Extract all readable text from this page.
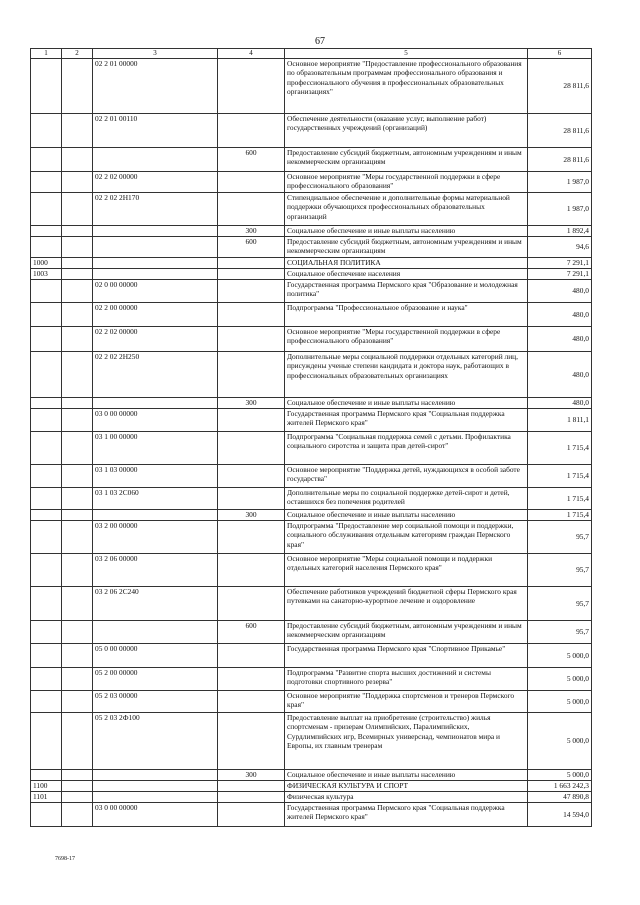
67
1	2	3	4	5	6
		02 2 01 00000		Основное мероприятие "Предоставление профессионального образования по образовательным программам профессионального образования и профессионального обучения в профессиональных образовательных организациях"	28 811,6
		02 2 01 00110		Обеспечение деятельности (оказание услуг, выполнение работ) государственных учреждений (организаций)	28 811,6
			600	Предоставление субсидий бюджетным, автономным учреждениям и иным некоммерческим организациям	28 811,6
		02 2 02 00000		Основное мероприятие "Меры государственной поддержки в сфере профессионального образования"	1 987,0
		02 2 02 2Н170		Стипендиальное обеспечение и дополнительные формы материальной поддержки обучающихся профессиональных образовательных организаций	1 987,0
			300	Социальное обеспечение и иные выплаты населению	1 892,4
			600	Предоставление субсидий бюджетным, автономным учреждениям и иным некоммерческим организациям	94,6
1000				СОЦИАЛЬНАЯ ПОЛИТИКА	7 291,1
1003				Социальное обеспечение населения	7 291,1
		02 0 00 00000		Государственная программа Пермского края "Образование и молодежная политика"	480,0
		02 2 00 00000		Подпрограмма "Профессиональное образование и наука"	480,0
		02 2 02 00000		Основное мероприятие "Меры государственной поддержки в сфере профессионального образования"	480,0
		02 2 02 2Н250		Дополнительные меры социальной поддержки отдельных категорий лиц, присуждены ученые степени кандидата и доктора наук, работающих в профессиональных образовательных организациях	480,0
			300	Социальное обеспечение и иные выплаты населению	480,0
		03 0 00 00000		Государственная программа Пермского края "Социальная поддержка жителей Пермского края"	1 811,1
		03 1 00 00000		Подпрограмма "Социальная поддержка семей с детьми. Профилактика социального сиротства и защита прав детей-сирот"	1 715,4
		03 1 03 00000		Основное мероприятие "Поддержка детей, нуждающихся в особой заботе государства"	1 715,4
		03 1 03 2С060		Дополнительные меры по социальной поддержке детей-сирот и детей, оставшихся без попечения родителей	1 715,4
			300	Социальное обеспечение и иные выплаты населению	1 715,4
		03 2 00 00000		Подпрограмма "Предоставление мер социальной помощи и поддержки, социального обслуживания отдельным категориям граждан Пермского края"	95,7
		03 2 06 00000		Основное мероприятие "Меры социальной помощи и поддержки отдельных категорий населения Пермского края"	95,7
		03 2 06 2С240		Обеспечение работников учреждений бюджетной сферы Пермского края путевками на санаторно-курортное лечение и оздоровление	95,7
			600	Предоставление субсидий бюджетным, автономным учреждениям и иным некоммерческим организациям	95,7
		05 0 00 00000		Государственная программа Пермского края "Спортивное Прикамье"	5 000,0
		05 2 00 00000		Подпрограмма "Развитие спорта высших достижений и системы подготовки спортивного резерва"	5 000,0
		05 2 03 00000		Основное мероприятие "Поддержка спортсменов и тренеров Пермского края"	5 000,0
		05 2 03 2Ф100		Предоставление выплат на приобретение (строительство) жилья спортсменам - призерам Олимпийских, Паралимпийских, Сурдлимпийских игр, Всемирных универсиад, чемпионатов мира и Европы, их главным тренерам	5 000,0
			300	Социальное обеспечение и иные выплаты населению	5 000,0
1100				ФИЗИЧЕСКАЯ КУЛЬТУРА И СПОРТ	1 663 242,3
1101				Физическая культура	47 890,8
		03 0 00 00000		Государственная программа Пермского края "Социальная поддержка жителей Пермского края"	14 594,0
7698-17
